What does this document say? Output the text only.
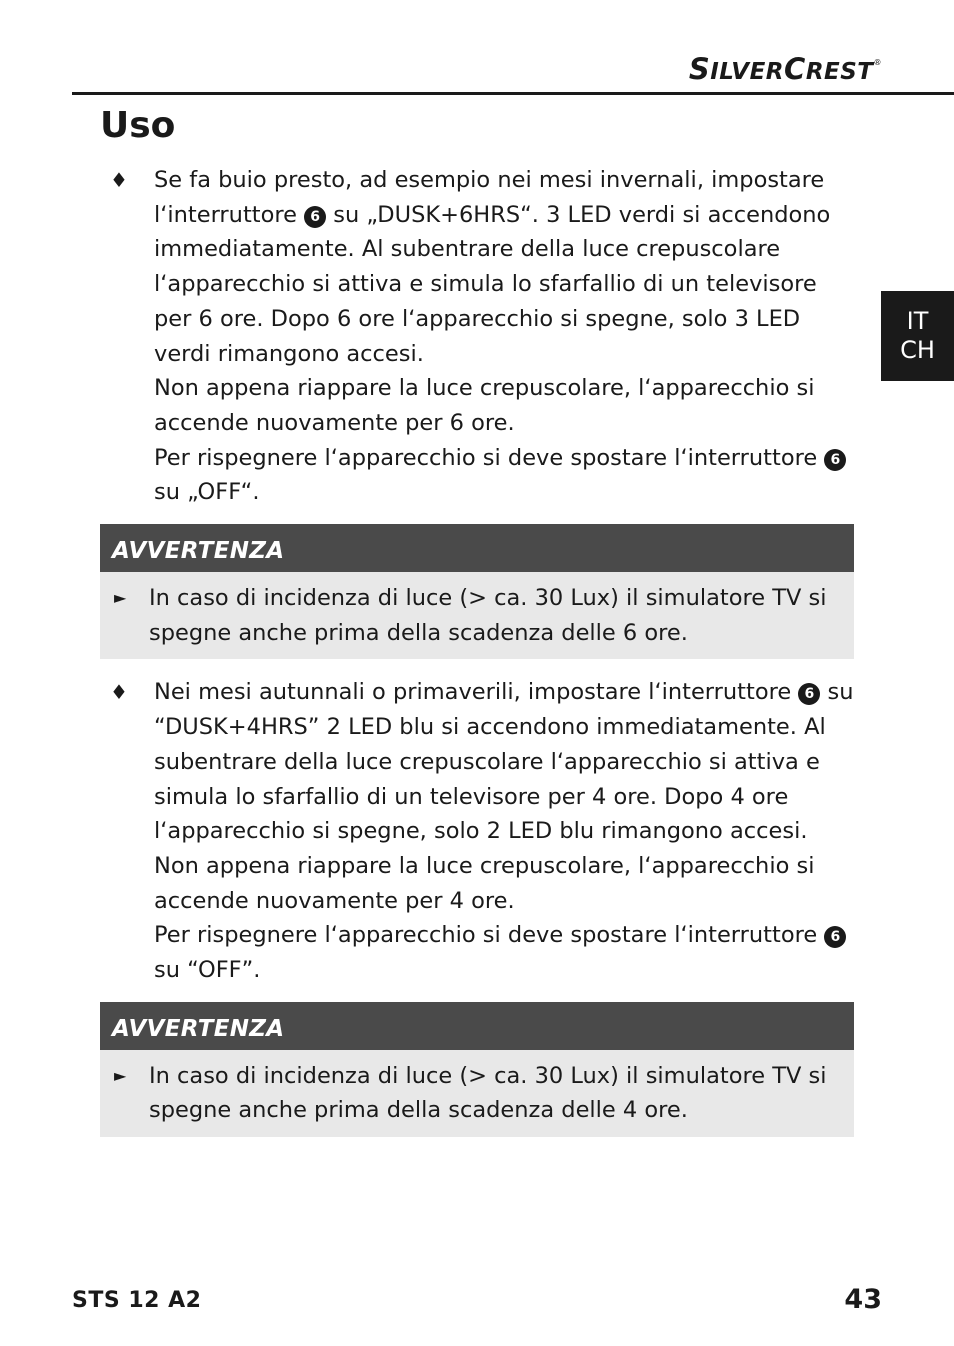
SILVERCREST®
Uso
IT
CH
♦ Se fa buio presto, ad esempio nei mesi invernali, impostare l‘interruttore 6 su „DUSK+6HRS“. 3 LED verdi si accendono immediatamente. Al subentrare della luce crepuscolare l‘apparecchio si attiva e simula lo sfarfallio di un televisore per 6 ore. Dopo 6 ore l‘apparecchio si spegne, solo 3 LED verdi rimangono accesi.

Non appena riappare la luce crepuscolare, l‘apparecchio si accende nuovamente per 6 ore.

Per rispegnere l‘apparecchio si deve spostare l‘interruttore 6 su „OFF“.

AVVERTENZA
► In caso di incidenza di luce (> ca. 30 Lux) il simulatore TV si spegne anche prima della scadenza delle 6 ore.
♦ Nei mesi autunnali o primaverili, impostare l‘interruttore 6 su “DUSK+4HRS” 2 LED blu si accendono immediatamente. Al subentrare della luce crepuscolare l‘apparecchio si attiva e simula lo sfarfallio di un televisore per 4 ore. Dopo 4 ore l‘apparecchio si spegne, solo 2 LED blu rimangono accesi.

Non appena riappare la luce crepuscolare, l‘apparecchio si accende nuovamente per 4 ore.

Per rispegnere l‘apparecchio si deve spostare l‘interruttore 6 su “OFF”.

AVVERTENZA
► In caso di incidenza di luce (> ca. 30 Lux) il simulatore TV si spegne anche prima della scadenza delle 4 ore.
STS 12 A2	43
